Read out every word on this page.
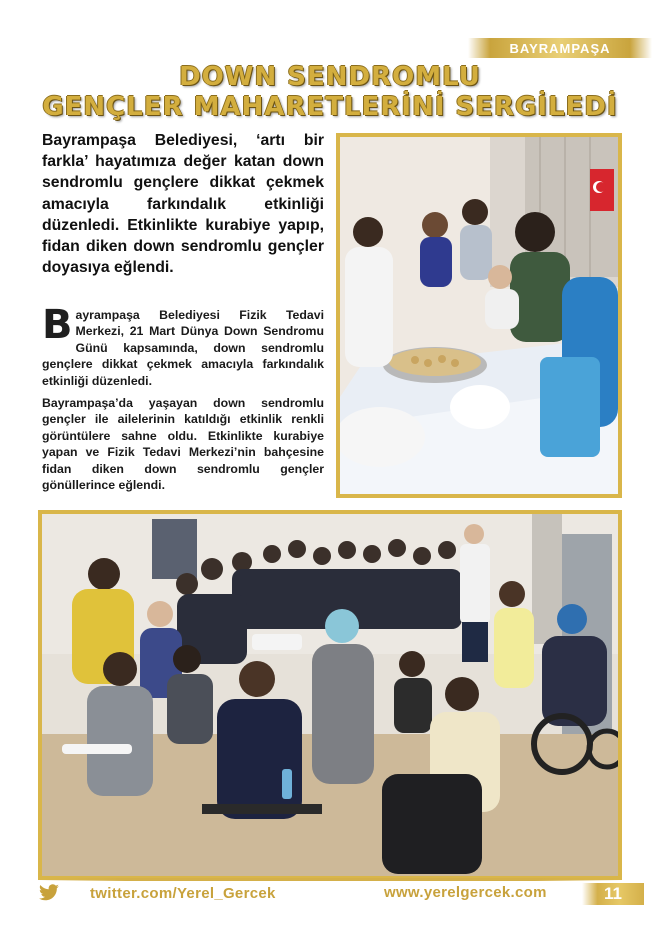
BAYRAMPAŞA
DOWN SENDROMLU
GENÇLER MAHARETLERİNİ SERGİLEDİ

Bayrampaşa Belediyesi, ‘artı bir farkla’ hayatımıza değer katan down sendromlu gençlere dikkat çekmek amacıyla farkındalık etkinliği düzenledi. Etkinlikte kurabiye yapıp, fidan diken down sendromlu gençler doyasıya eğlendi.

Bayrampaşa Belediyesi Fizik Tedavi Merkezi, 21 Mart Dünya Down Sendromu Günü kapsamında, down sendromlu gençlere dikkat çekmek amacıyla farkındalık etkinliği düzenledi.

Bayrampaşa’da yaşayan down sendromlu gençler ile ailelerinin katıldığı etkinlik renkli görüntülere sahne oldu. Etkinlikte kurabiye yapan ve Fizik Tedavi Merkezi’nin bahçesine fidan diken down sendromlu gençler gönüllerince eğlendi.

twitter.com/Yerel_Gercek	www.yerelgercek.com	11
